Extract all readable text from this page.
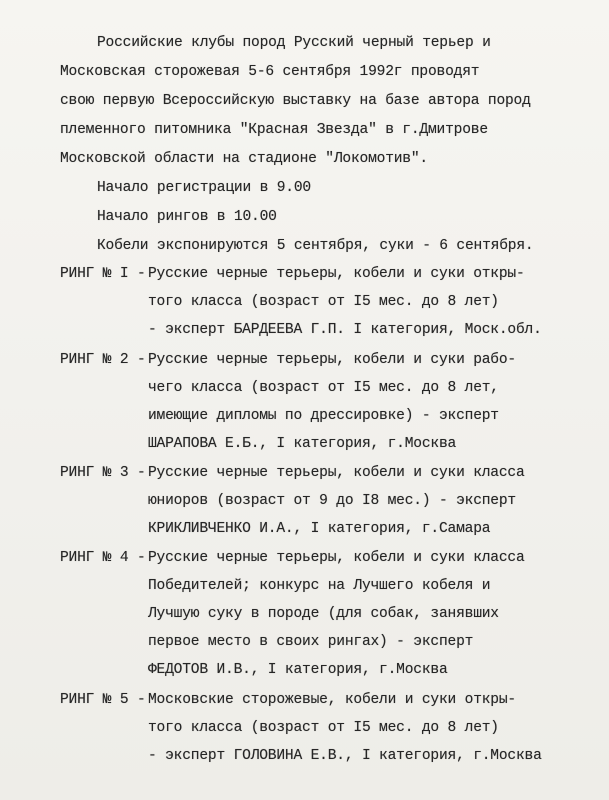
Российские клубы пород Русский черный терьер и
Московская сторожевая 5-6 сентября 1992г проводят
свою первую Всероссийскую выставку на базе автора пород
племенного питомника "Красная Звезда" в г.Дмитрове
Московской области на стадионе "Локомотив".
Начало регистрации в 9.00
Начало рингов в 10.00
Кобели экспонируются 5 сентября, суки - 6 сентября.
РИНГ № I - Русские черные терьеры, кобели и суки откры-
того класса (возраст от I5 мес. до 8 лет)
- эксперт БАРДЕЕВА Г.П. I категория, Моск.обл.
РИНГ № 2 - Русские черные терьеры, кобели и суки рабо-
чего класса (возраст от I5 мес. до 8 лет,
имеющие дипломы по дрессировке) - эксперт
ШАРАПОВА Е.Б., I категория, г.Москва
РИНГ № 3 - Русские черные терьеры, кобели и суки класса
юниоров (возраст от 9 до I8 мес.) - эксперт
КРИКЛИВЧЕНКО И.А., I категория, г.Самара
РИНГ № 4 - Русские черные терьеры, кобели и суки класса
Победителей; конкурс на Лучшего кобеля и
Лучшую суку в породе (для собак, занявших
первое место в своих рингах) - эксперт
ФЕДОТОВ И.В., I категория, г.Москва
РИНГ № 5 - Московские сторожевые, кобели и суки откры-
того класса (возраст от I5 мес. до 8 лет)
- эксперт ГОЛОВИНА Е.В., I категория, г.Москва
